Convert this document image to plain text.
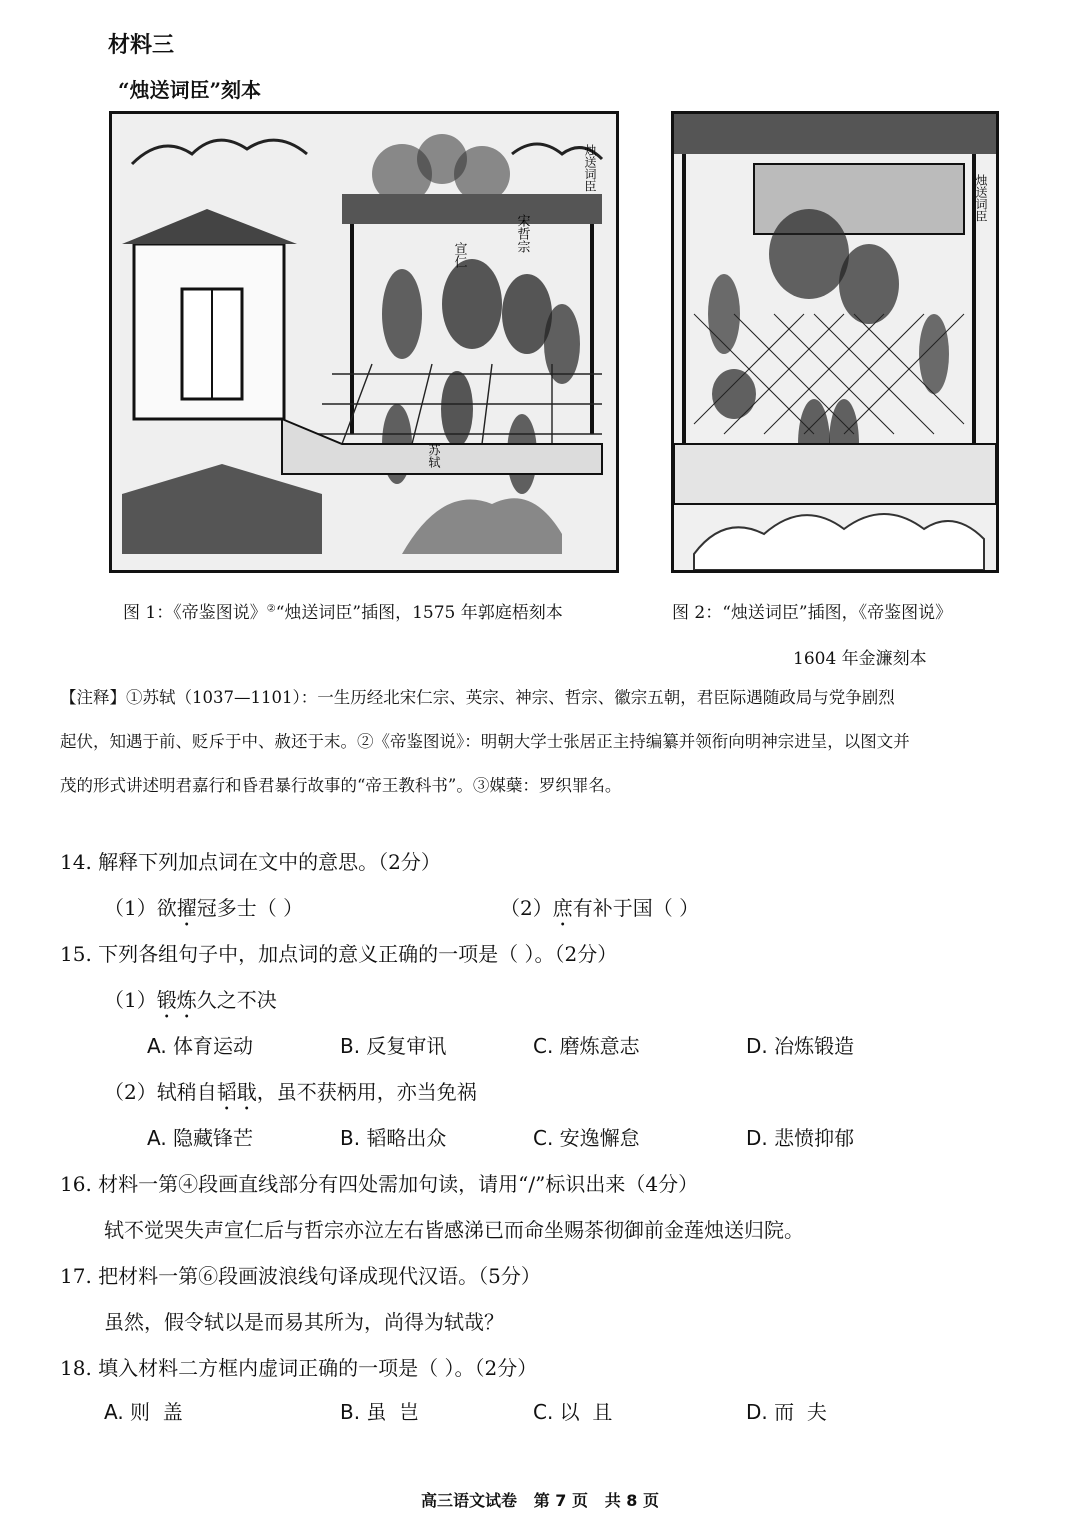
材料三
“烛送词臣”刻本
烛送词臣
宣仁
宋哲宗
苏轼
烛送词臣
图 1：《帝鉴图说》②“烛送词臣”插图，1575 年郭庭梧刻本	图 2：“烛送词臣”插图，《帝鉴图说》
1604 年金濂刻本
【注释】①苏轼（1037—1101）：一生历经北宋仁宗、英宗、神宗、哲宗、徽宗五朝，君臣际遇随政局与党争剧烈
起伏，知遇于前、贬斥于中、赦还于末。②《帝鉴图说》：明朝大学士张居正主持编纂并领衔向明神宗进呈，以图文并
茂的形式讲述明君嘉行和昏君暴行故事的“帝王教科书”。③媒蘖：罗织罪名。
14. 解释下列加点词在文中的意思。（2分）
（1）欲擢冠多士（ ）	（2）庶有补于国（ ）
15. 下列各组句子中，加点词的意义正确的一项是（ ）。（2分）
（1）锻炼久之不决
A. 体育运动	B. 反复审讯	C. 磨炼意志	D. 冶炼锻造
（2）轼稍自韬戢，虽不获柄用，亦当免祸
A. 隐藏锋芒	B. 韬略出众	C. 安逸懈怠	D. 悲愤抑郁
16. 材料一第④段画直线部分有四处需加句读，请用“/”标识出来（4分）
轼不觉哭失声宣仁后与哲宗亦泣左右皆感涕已而命坐赐茶彻御前金莲烛送归院。
17. 把材料一第⑥段画波浪线句译成现代汉语。（5分）
虽然，假令轼以是而易其所为，尚得为轼哉？
18. 填入材料二方框内虚词正确的一项是（ ）。（2分）
A. 则  盖	B. 虽  岂	C. 以  且	D. 而  夫
高三语文试卷   第 7 页   共 8 页
